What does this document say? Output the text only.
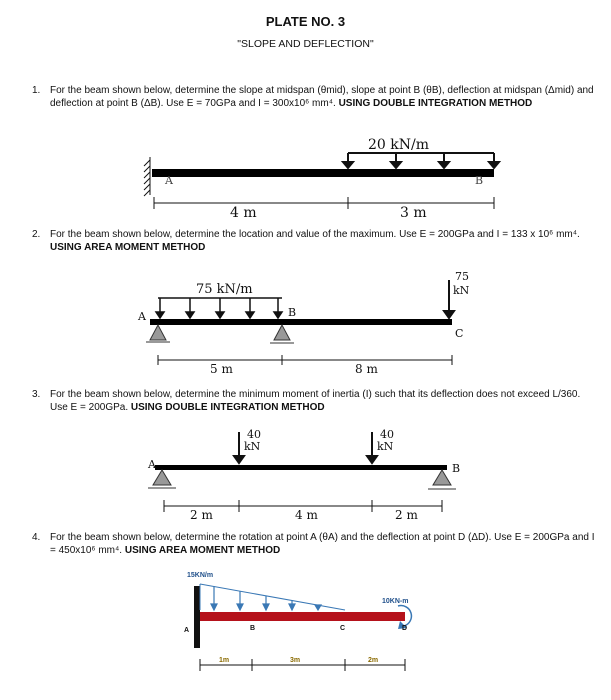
PLATE NO. 3
"SLOPE AND DEFLECTION"
1. For the beam shown below, determine the slope at midspan (θmid), slope at point B (θB), deflection at midspan (Δmid) and deflection at point B (ΔB). Use E = 70GPa and I = 300x10⁶ mm⁴. USING DOUBLE INTEGRATION METHOD
20 kN/m
A	B
4 m	3 m
2. For the beam shown below, determine the location and value of the maximum. Use E = 200GPa and I = 133 x 10⁶ mm⁴. USING AREA MOMENT METHOD
75 kN/m
75
kN
A	B
C
5 m	8 m
3. For the beam shown below, determine the minimum moment of inertia (I) such that its deflection does not exceed L/360. Use E = 200GPa. USING DOUBLE INTEGRATION METHOD
40
kN
40
kN
A	B
2 m	4 m	2 m
4. For the beam shown below, determine the rotation at point A (θA) and the deflection at point D (ΔD). Use E = 200GPa and I = 450x10⁶ mm⁴. USING AREA MOMENT METHOD
15KN/m
10KN-m
A	B	C	D
1m	3m	2m
